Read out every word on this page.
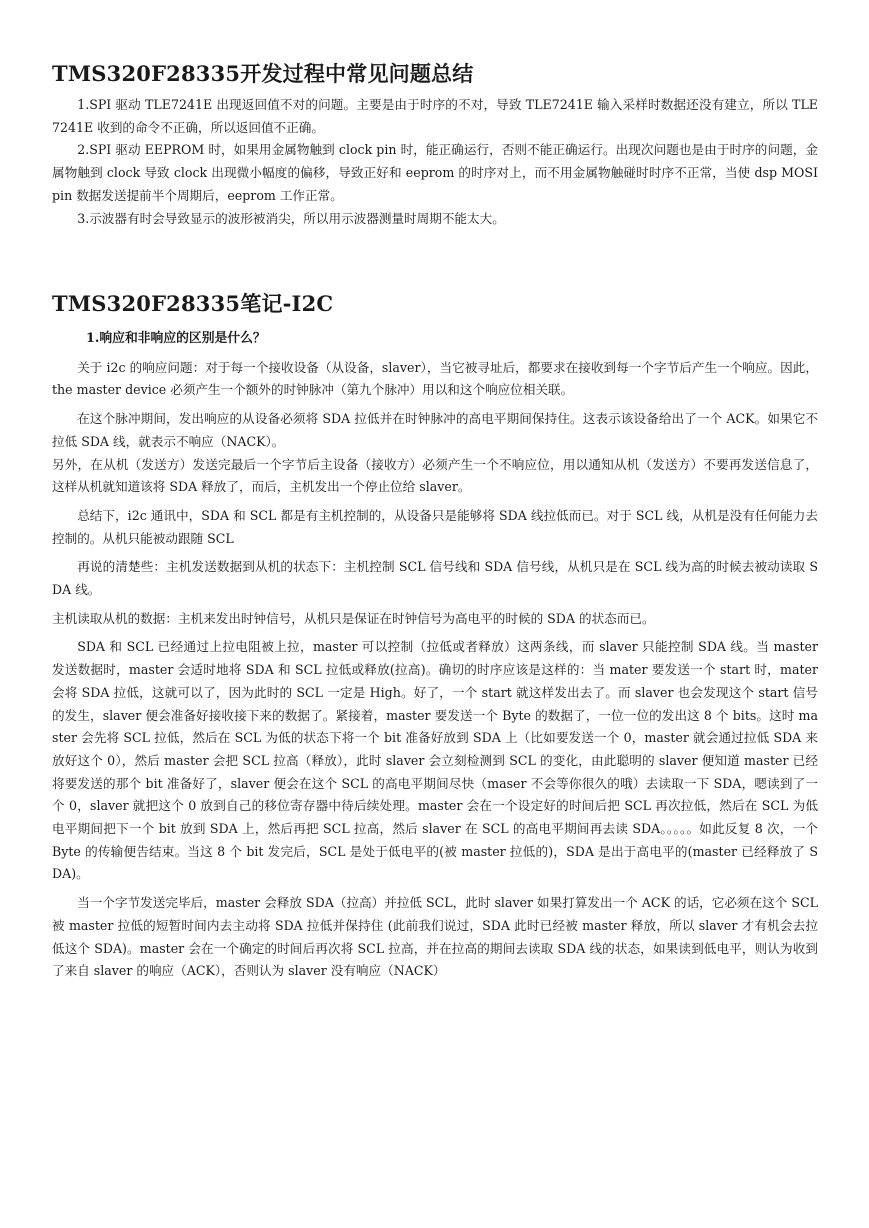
TMS320F28335开发过程中常见问题总结

1.SPI 驱动 TLE7241E 出现返回值不对的问题。主要是由于时序的不对，导致 TLE7241E 输入采样时数据还没有建立，所以 TLE7241E 收到的命令不正确，所以返回值不正确。

2.SPI 驱动 EEPROM 时，如果用金属物触到 clock pin 时，能正确运行，否则不能正确运行。出现次问题也是由于时序的问题，金属物触到 clock 导致 clock 出现微小幅度的偏移，导致正好和 eeprom 的时序对上，而不用金属物触碰时时序不正常，当使 dsp MOSIpin 数据发送提前半个周期后，eeprom 工作正常。

3.示波器有时会导致显示的波形被消尖，所以用示波器测量时周期不能太大。

TMS320F28335笔记-I2C

1.响应和非响应的区别是什么？

关于 i2c 的响应问题：对于每一个接收设备（从设备，slaver），当它被寻址后，都要求在接收到每一个字节后产生一个响应。因此，the master device 必须产生一个额外的时钟脉冲（第九个脉冲）用以和这个响应位相关联。

在这个脉冲期间，发出响应的从设备必须将 SDA 拉低并在时钟脉冲的高电平期间保持住。这表示该设备给出了一个 ACK。如果它不拉低 SDA 线，就表示不响应（NACK）。

另外，在从机（发送方）发送完最后一个字节后主设备（接收方）必须产生一个不响应位，用以通知从机（发送方）不要再发送信息了，这样从机就知道该将 SDA 释放了，而后，主机发出一个停止位给 slaver。

总结下，i2c 通讯中，SDA 和 SCL 都是有主机控制的，从设备只是能够将 SDA 线拉低而已。对于 SCL 线，从机是没有任何能力去控制的。从机只能被动跟随 SCL

再说的清楚些：主机发送数据到从机的状态下：主机控制 SCL 信号线和 SDA 信号线，从机只是在 SCL 线为高的时候去被动读取 SDA 线。

主机读取从机的数据：主机来发出时钟信号，从机只是保证在时钟信号为高电平的时候的 SDA 的状态而已。

SDA 和 SCL 已经通过上拉电阻被上拉，master 可以控制（拉低或者释放）这两条线，而 slaver 只能控制 SDA 线。当 master 发送数据时，master 会适时地将 SDA 和 SCL 拉低或释放(拉高)。确切的时序应该是这样的：当 mater 要发送一个 start 时，mater 会将 SDA 拉低，这就可以了，因为此时的 SCL 一定是 High。好了，一个 start 就这样发出去了。而 slaver 也会发现这个 start 信号的发生，slaver 便会准备好接收接下来的数据了。紧接着，master 要发送一个 Byte 的数据了，一位一位的发出这 8 个 bits。这时 master 会先将 SCL 拉低，然后在 SCL 为低的状态下将一个 bit 准备好放到 SDA 上（比如要发送一个 0，master 就会通过拉低 SDA 来放好这个 0），然后 master 会把 SCL 拉高（释放），此时 slaver 会立刻检测到 SCL 的变化，由此聪明的 slaver 便知道 master 已经将要发送的那个 bit 准备好了，slaver 便会在这个 SCL 的高电平期间尽快（maser 不会等你很久的哦）去读取一下 SDA，嗯读到了一个 0，slaver 就把这个 0 放到自己的移位寄存器中待后续处理。master 会在一个设定好的时间后把 SCL 再次拉低，然后在 SCL 为低电平期间把下一个 bit 放到 SDA 上，然后再把 SCL 拉高，然后 slaver 在 SCL 的高电平期间再去读 SDA。。。。。如此反复 8 次，一个 Byte 的传输便告结束。当这 8 个 bit 发完后，SCL 是处于低电平的(被 master 拉低的)，SDA 是出于高电平的(master 已经释放了 SDA)。

当一个字节发送完毕后，master 会释放 SDA（拉高）并拉低 SCL，此时 slaver 如果打算发出一个 ACK 的话，它必须在这个 SCL 被 master 拉低的短暂时间内去主动将 SDA 拉低并保持住 (此前我们说过，SDA 此时已经被 master 释放，所以 slaver 才有机会去拉低这个 SDA)。master 会在一个确定的时间后再次将 SCL 拉高，并在拉高的期间去读取 SDA 线的状态，如果读到低电平，则认为收到了来自 slaver 的响应（ACK），否则认为 slaver 没有响应（NACK）
